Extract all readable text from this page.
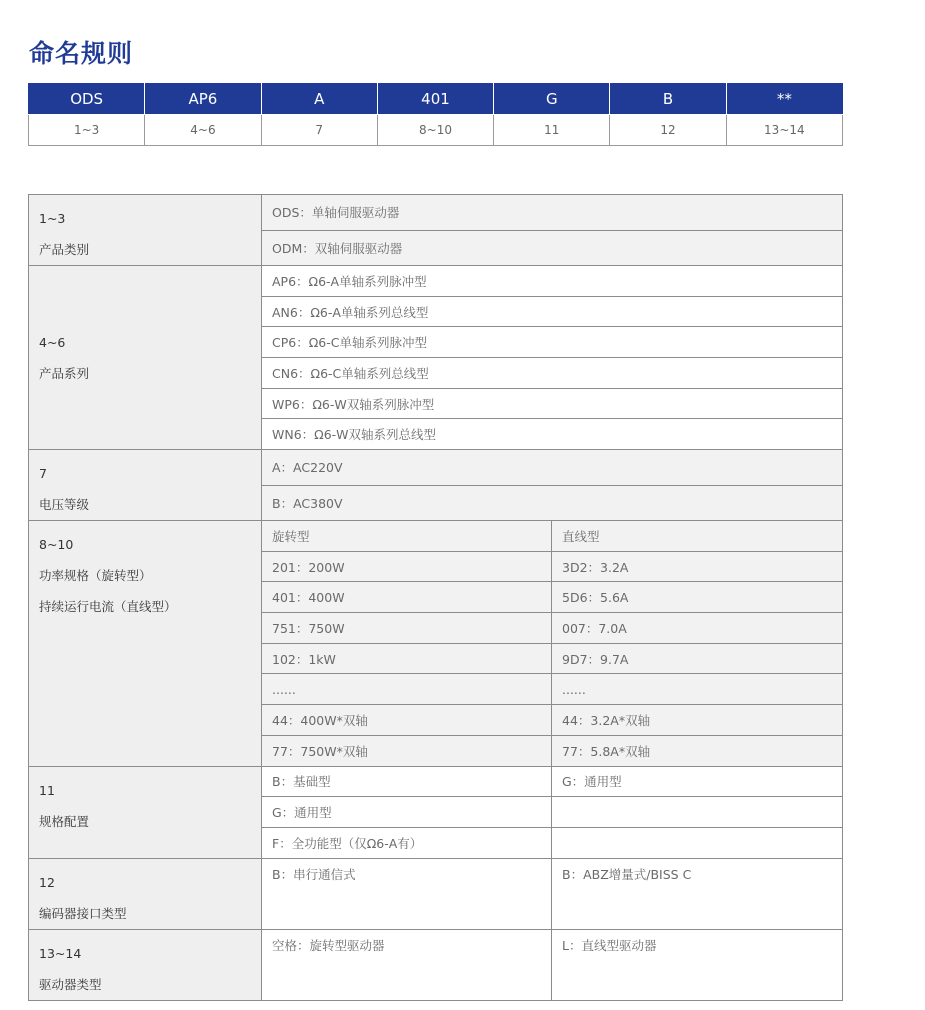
命名规则
ODS	AP6	A	401	G	B	**
1~3	4~6	7	8~10	11	12	13~14
1~3
产品类别	ODS：单轴伺服驱动器
	ODM：双轴伺服驱动器

4~6
产品系列	AP6：Ω6-A单轴系列脉冲型
	AN6：Ω6-A单轴系列总线型
	CP6：Ω6-C单轴系列脉冲型
	CN6：Ω6-C单轴系列总线型
	WP6：Ω6-W双轴系列脉冲型
	WN6：Ω6-W双轴系列总线型

7
电压等级	A：AC220V
	B：AC380V
8~10
功率规格（旋转型）
持续运行电流（直线型）	旋转型	直线型
	201：200W	3D2：3.2A
	401：400W	5D6：5.6A
	751：750W	007：7.0A
	102：1kW	9D7：9.7A
	......	......
	44：400W*双轴	44：3.2A*双轴
	77：750W*双轴	77：5.8A*双轴

11
规格配置	B：基础型	G：通用型
	G：通用型	
	F：全功能型（仅Ω6-A有）	

12
编码器接口类型	B：串行通信式	B：ABZ增量式/BISS C

13~14
驱动器类型	空格：旋转型驱动器	L：直线型驱动器
